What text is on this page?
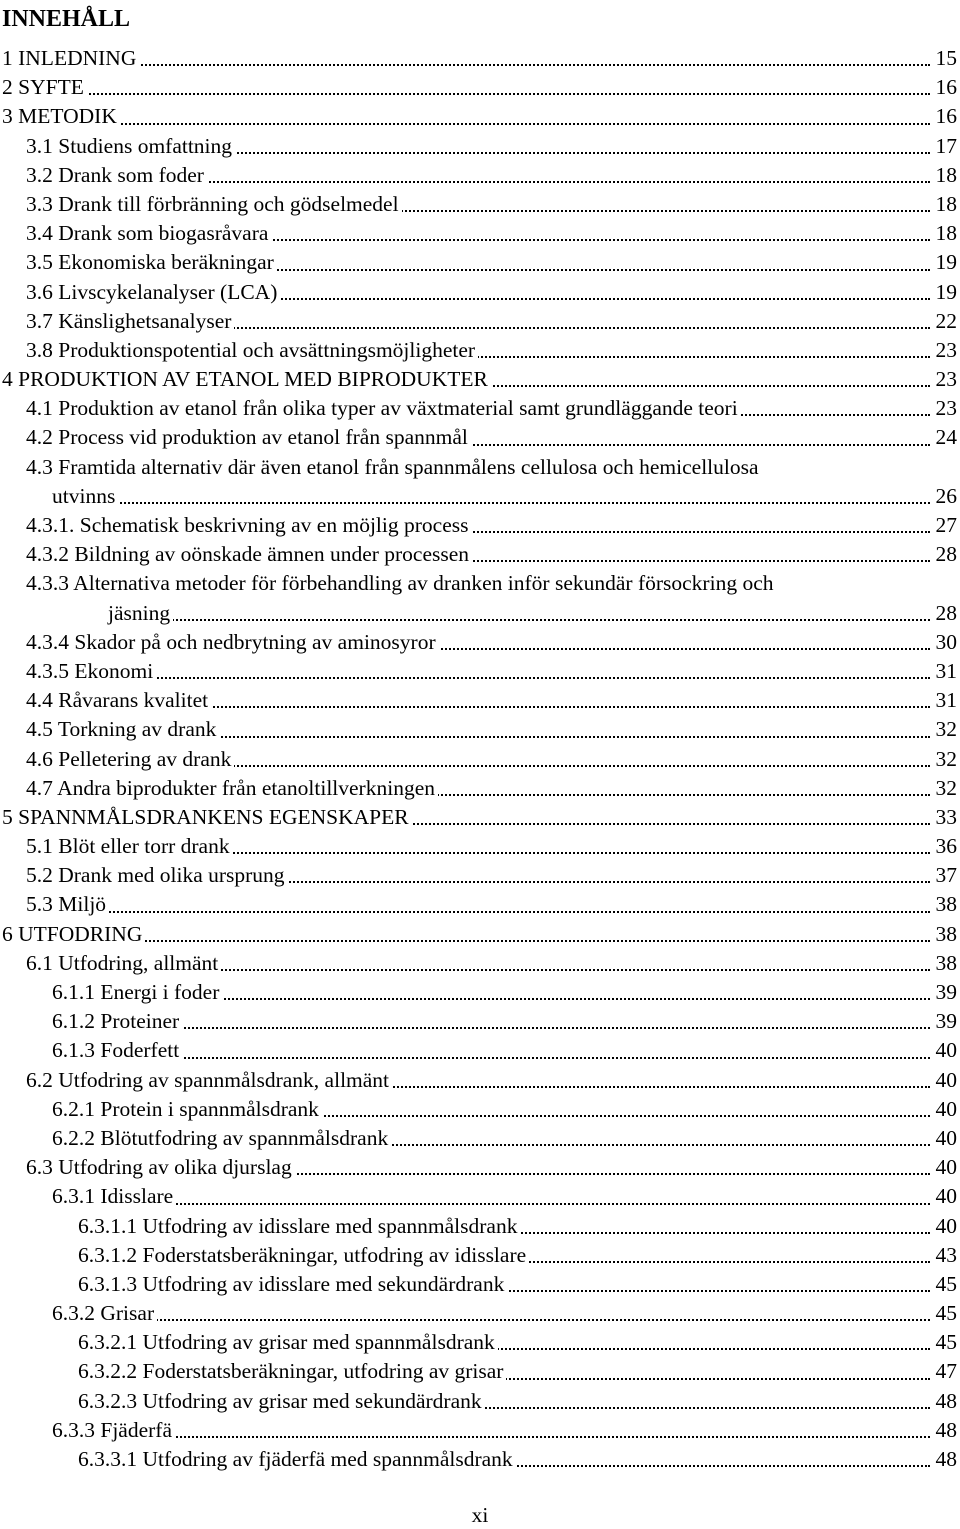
INNEHÅLL
1 INLEDNING	15
2 SYFTE	16
3 METODIK	16
3.1 Studiens omfattning	17
3.2 Drank som foder	18
3.3 Drank till förbränning och gödselmedel	18
3.4 Drank som biogasråvara	18
3.5 Ekonomiska beräkningar	19
3.6 Livscykelanalyser (LCA)	19
3.7 Känslighetsanalyser	22
3.8 Produktionspotential och avsättningsmöjligheter	23
4 PRODUKTION AV ETANOL MED BIPRODUKTER	23
4.1 Produktion av etanol från olika typer av växtmaterial samt grundläggande teori	23
4.2 Process vid produktion av etanol från spannmål	24
4.3 Framtida alternativ där även etanol från spannmålens cellulosa och hemicellulosa
utvinns	26
4.3.1. Schematisk beskrivning av en möjlig process	27
4.3.2 Bildning av oönskade ämnen under processen	28
4.3.3 Alternativa metoder för förbehandling av dranken inför sekundär försockring och
jäsning	28
4.3.4 Skador på och nedbrytning av aminosyror	30
4.3.5 Ekonomi	31
4.4 Råvarans kvalitet	31
4.5 Torkning av drank	32
4.6 Pelletering av drank	32
4.7 Andra biprodukter från etanoltillverkningen	32
5 SPANNMÅLSDRANKENS EGENSKAPER	33
5.1 Blöt eller torr drank	36
5.2 Drank med olika ursprung	37
5.3 Miljö	38
6 UTFODRING	38
6.1 Utfodring, allmänt	38
6.1.1 Energi i foder	39
6.1.2 Proteiner	39
6.1.3 Foderfett	40
6.2 Utfodring av spannmålsdrank, allmänt	40
6.2.1 Protein i spannmålsdrank	40
6.2.2 Blötutfodring av spannmålsdrank	40
6.3 Utfodring av olika djurslag	40
6.3.1 Idisslare	40
6.3.1.1 Utfodring av idisslare med spannmålsdrank	40
6.3.1.2 Foderstatsberäkningar, utfodring av idisslare	43
6.3.1.3 Utfodring av idisslare med sekundärdrank	45
6.3.2 Grisar	45
6.3.2.1 Utfodring av grisar med spannmålsdrank	45
6.3.2.2 Foderstatsberäkningar, utfodring av grisar	47
6.3.2.3 Utfodring av grisar med sekundärdrank	48
6.3.3 Fjäderfä	48
6.3.3.1 Utfodring av fjäderfä med spannmålsdrank	48
xi
